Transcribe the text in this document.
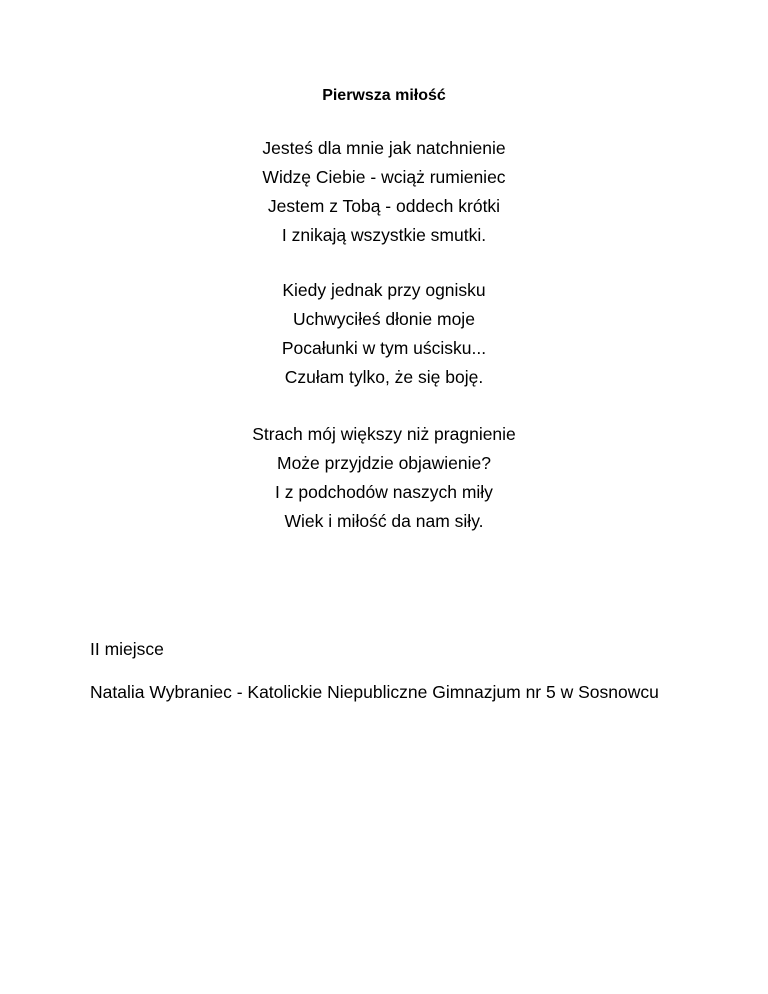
Pierwsza miłość
Jesteś dla mnie jak natchnienie
Widzę Ciebie - wciąż rumieniec
Jestem z Tobą - oddech krótki
I znikają wszystkie smutki.
Kiedy jednak przy ognisku
Uchwyciłeś dłonie moje
Pocałunki w tym uścisku...
Czułam tylko, że się boję.
Strach mój większy niż pragnienie
Może przyjdzie objawienie?
I z podchodów naszych miły
Wiek i miłość da nam siły.
II miejsce
Natalia Wybraniec - Katolickie Niepubliczne Gimnazjum nr 5 w Sosnowcu
